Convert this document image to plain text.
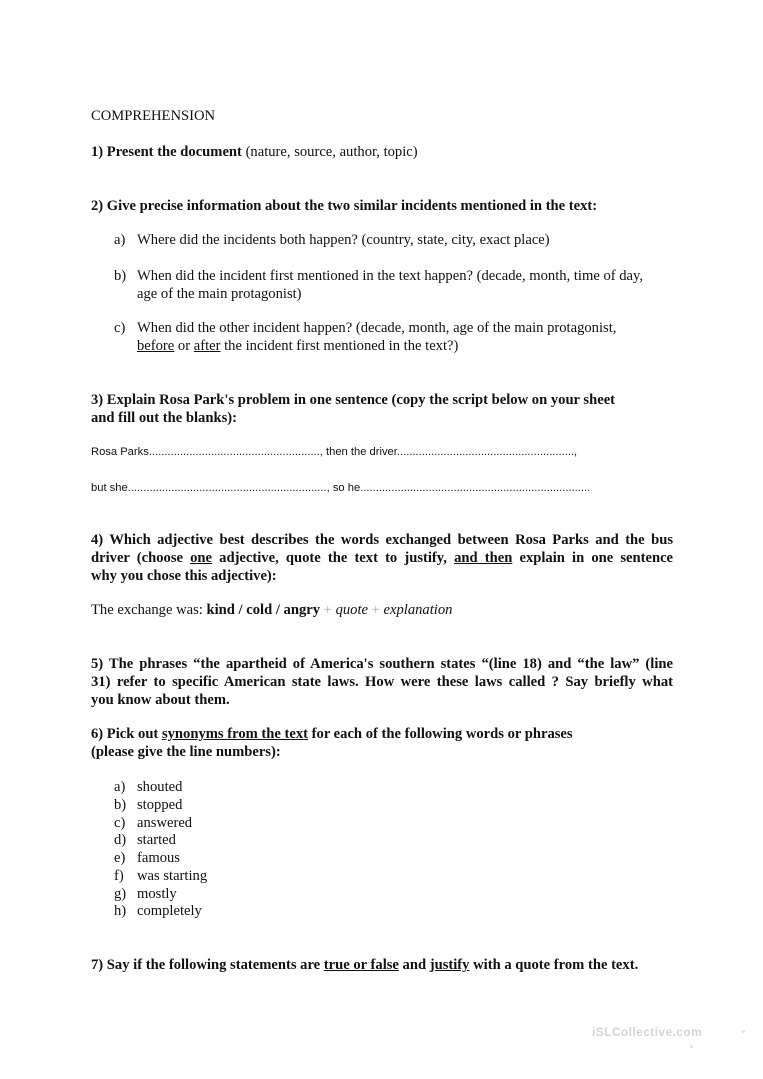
COMPREHENSION
1) Present the document (nature, source, author, topic)
2) Give precise information about the two similar incidents mentioned in the text:
a) Where did the incidents both happen? (country, state, city, exact place)
b) When did the incident first mentioned in the text happen? (decade, month, time of day,
age of the main protagonist)
c) When did the other incident happen? (decade, month, age of the main protagonist,
before or after the incident first mentioned in the text?)
3) Explain Rosa Park's problem in one sentence (copy the script below on your sheet
and fill out the blanks):
Rosa Parks......................................................., then the driver.........................................................,
but she................................................................, so he..........................................................................
4) Which adjective best describes the words exchanged between Rosa Parks and the bus
driver (choose one adjective, quote the text to justify, and then explain in one sentence
why you chose this adjective):
The exchange was: kind / cold / angry + quote + explanation
5) The phrases “the apartheid of America's southern states “(line 18) and “the law” (line
31) refer to specific American state laws. How were these laws called ? Say briefly what
you know about them.
6) Pick out synonyms from the text for each of the following words or phrases
(please give the line numbers):
a) shouted
b) stopped
c) answered
d) started
e) famous
f) was starting
g) mostly
h) completely
7) Say if the following statements are true or false and justify with a quote from the text.
iSLCollective.com
